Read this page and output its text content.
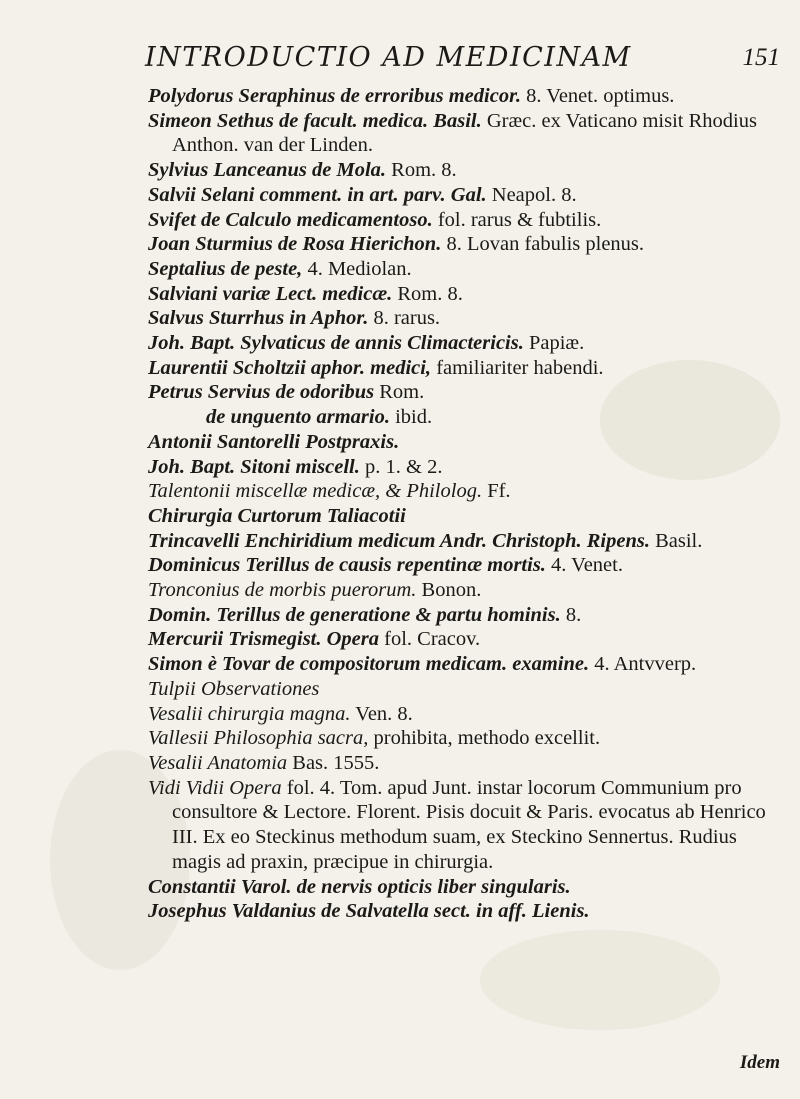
INTRODUCTIO AD MEDICINAM	151
Polydorus Seraphinus de erroribus medicor. 8. Venet. optimus.
Simeon Sethus de facult. medica. Basil. Græc. ex Vaticano misit Rhodius Anthon. van der Linden.
Sylvius Lanceanus de Mola. Rom. 8.
Salvii Selani comment. in art. parv. Gal. Neapol. 8.
Svifet de Calculo medicamentoso. fol. rarus & fubtilis.
Joan Sturmius de Rosa Hierichon. 8. Lovan fabulis plenus.
Septalius de peste, 4. Mediolan.
Salviani variæ Lect. medicæ. Rom. 8.
Salvus Sturrhus in Aphor. 8. rarus.
Joh. Bapt. Sylvaticus de annis Climactericis. Papiæ.
Laurentii Scholtzii aphor. medici, familiariter habendi.
Petrus Servius de odoribus Rom.
de unguento armario. ibid.
Antonii Santorelli Postpraxis.
Joh. Bapt. Sitoni miscell. p. 1. & 2.
Talentonii miscellæ medicæ, & Philolog. Ff.
Chirurgia Curtorum Taliacotii
Trincavelli Enchiridium medicum Andr. Christoph. Ripens. Basil.
Dominicus Terillus de causis repentinæ mortis. 4. Venet.
Tronconius de morbis puerorum. Bonon.
Domin. Terillus de generatione & partu hominis. 8.
Mercurii Trismegist. Opera fol. Cracov.
Simon è Tovar de compositorum medicam. examine. 4. Antvverp.
Tulpii Observationes
Vesalii chirurgia magna. Ven. 8.
Vallesii Philosophia sacra, prohibita, methodo excellit.
Vesalii Anatomia Bas. 1555.
Vidi Vidii Opera fol. 4. Tom. apud Junt. instar locorum Communium pro consultore & Lectore. Florent. Pisis docuit & Paris. evocatus ab Henrico III. Ex eo Steckinus methodum suam, ex Steckino Sennertus. Rudius magis ad praxin, præcipue in chirurgia.
Constantii Varol. de nervis opticis liber singularis.
Josephus Valdanius de Salvatella sect. in aff. Lienis.
Idem
